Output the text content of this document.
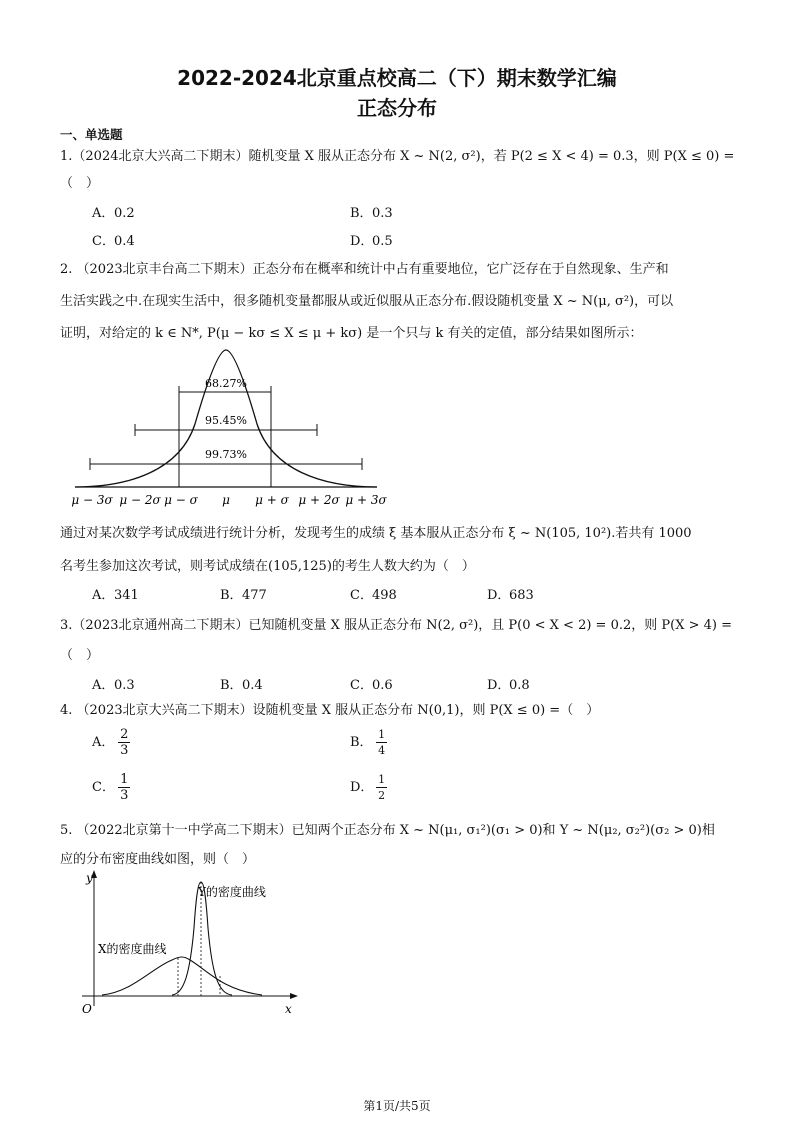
2022-2024北京重点校高二（下）期末数学汇编
正态分布
一、单选题
1.（2024北京大兴高二下期末）随机变量 X 服从正态分布 X ~ N(2, σ²)，若 P(2 ≤ X < 4) = 0.3，则 P(X ≤ 0) =
（　）
A．0.2	B．0.3
C．0.4	D．0.5
2. （2023北京丰台高二下期末）正态分布在概率和统计中占有重要地位，它广泛存在于自然现象、生产和
生活实践之中.在现实生活中，很多随机变量都服从或近似服从正态分布.假设随机变量 X ~ N(μ, σ²)，可以
证明，对给定的 k ∈ N*, P(μ − kσ ≤ X ≤ μ + kσ) 是一个只与 k 有关的定值，部分结果如图所示：
68.27%
95.45%
99.73%
μ − 3σ μ − 2σ μ − σ μ μ + σ μ + 2σ μ + 3σ
通过对某次数学考试成绩进行统计分析，发现考生的成绩 ξ 基本服从正态分布 ξ ~ N(105, 10²).若共有 1000
名考生参加这次考试，则考试成绩在(105,125)的考生人数大约为（　）
A．341	B．477	C．498	D．683
3.（2023北京通州高二下期末）已知随机变量 X 服从正态分布 N(2, σ²)，且 P(0 < X < 2) = 0.2，则 P(X > 4) =
（　）
A．0.3	B．0.4	C．0.6	D．0.8
4. （2023北京大兴高二下期末）设随机变量 X 服从正态分布 N(0,1)，则 P(X ≤ 0) =（　）
A． $\frac{2}{3}$	B． $\frac{1}{4}$
C． $\frac{1}{3}$	D． $\frac{1}{2}$
5. （2022北京第十一中学高二下期末）已知两个正态分布 X ~ N(μ₁, σ₁²)(σ₁ > 0)和 Y ~ N(μ₂, σ₂²)(σ₂ > 0)相
应的分布密度曲线如图，则（　）
y
x
O
Y的密度曲线
X的密度曲线
第1页/共5页
